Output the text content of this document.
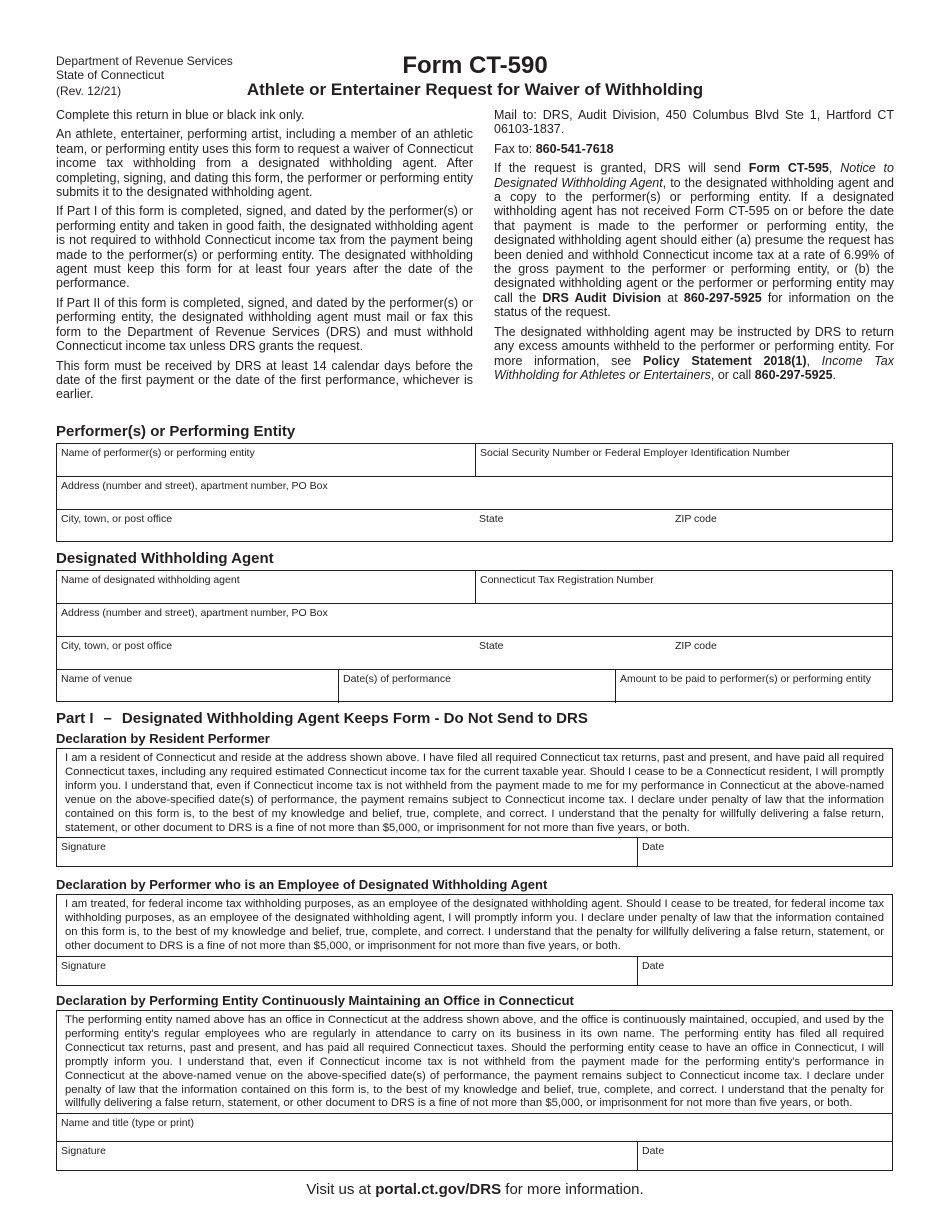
Department of Revenue Services
State of Connecticut
(Rev. 12/21)
Form CT-590
Athlete or Entertainer Request for Waiver of Withholding

Complete this return in blue or black ink only.

An athlete, entertainer, performing artist, including a member of an athletic team, or performing entity uses this form to request a waiver of Connecticut income tax withholding from a designated withholding agent. After completing, signing, and dating this form, the performer or performing entity submits it to the designated withholding agent.

If Part I of this form is completed, signed, and dated by the performer(s) or performing entity and taken in good faith, the designated withholding agent is not required to withhold Connecticut income tax from the payment being made to the performer(s) or performing entity. The designated withholding agent must keep this form for at least four years after the date of the performance.

If Part II of this form is completed, signed, and dated by the performer(s) or performing entity, the designated withholding agent must mail or fax this form to the Department of Revenue Services (DRS) and must withhold Connecticut income tax unless DRS grants the request.

This form must be received by DRS at least 14 calendar days before the date of the first payment or the date of the first performance, whichever is earlier.

Mail to: DRS, Audit Division, 450 Columbus Blvd Ste 1, Hartford CT 06103-1837.

Fax to: 860-541-7618

If the request is granted, DRS will send Form CT-595, Notice to Designated Withholding Agent, to the designated withholding agent and a copy to the performer(s) or performing entity. If a designated withholding agent has not received Form CT-595 on or before the date that payment is made to the performer or performing entity, the designated withholding agent should either (a) presume the request has been denied and withhold Connecticut income tax at a rate of 6.99% of the gross payment to the performer or performing entity, or (b) the designated withholding agent or the performer or performing entity may call the DRS Audit Division at 860-297-5925 for information on the status of the request.

The designated withholding agent may be instructed by DRS to return any excess amounts withheld to the performer or performing entity. For more information, see Policy Statement 2018(1), Income Tax Withholding for Athletes or Entertainers, or call 860-297-5925.

Performer(s) or Performing Entity
Name of performer(s) or performing entity	Social Security Number or Federal Employer Identification Number
Address (number and street), apartment number, PO Box
City, town, or post office	State	ZIP code
Designated Withholding Agent
Name of designated withholding agent	Connecticut Tax Registration Number
Address (number and street), apartment number, PO Box
City, town, or post office	State	ZIP code
Name of venue	Date(s) of performance	Amount to be paid to performer(s) or performing entity
Part I – Designated Withholding Agent Keeps Form - Do Not Send to DRS
Declaration by Resident Performer
I am a resident of Connecticut and reside at the address shown above. I have filed all required Connecticut tax returns, past and present, and have paid all required Connecticut taxes, including any required estimated Connecticut income tax for the current taxable year. Should I cease to be a Connecticut resident, I will promptly inform you. I understand that, even if Connecticut income tax is not withheld from the payment made to me for my performance in Connecticut at the above-named venue on the above-specified date(s) of performance, the payment remains subject to Connecticut income tax. I declare under penalty of law that the information contained on this form is, to the best of my knowledge and belief, true, complete, and correct. I understand that the penalty for willfully delivering a false return, statement, or other document to DRS is a fine of not more than $5,000, or imprisonment for not more than five years, or both.
Signature	Date
Declaration by Performer who is an Employee of Designated Withholding Agent
I am treated, for federal income tax withholding purposes, as an employee of the designated withholding agent. Should I cease to be treated, for federal income tax withholding purposes, as an employee of the designated withholding agent, I will promptly inform you. I declare under penalty of law that the information contained on this form is, to the best of my knowledge and belief, true, complete, and correct. I understand that the penalty for willfully delivering a false return, statement, or other document to DRS is a fine of not more than $5,000, or imprisonment for not more than five years, or both.
Signature	Date
Declaration by Performing Entity Continuously Maintaining an Office in Connecticut
The performing entity named above has an office in Connecticut at the address shown above, and the office is continuously maintained, occupied, and used by the performing entity's regular employees who are regularly in attendance to carry on its business in its own name. The performing entity has filed all required Connecticut tax returns, past and present, and has paid all required Connecticut taxes. Should the performing entity cease to have an office in Connecticut, I will promptly inform you. I understand that, even if Connecticut income tax is not withheld from the payment made for the performing entity's performance in Connecticut at the above-named venue on the above-specified date(s) of performance, the payment remains subject to Connecticut income tax. I declare under penalty of law that the information contained on this form is, to the best of my knowledge and belief, true, complete, and correct. I understand that the penalty for willfully delivering a false return, statement, or other document to DRS is a fine of not more than $5,000, or imprisonment for not more than five years, or both.
Name and title (type or print)
Signature	Date
Visit us at portal.ct.gov/DRS for more information.
